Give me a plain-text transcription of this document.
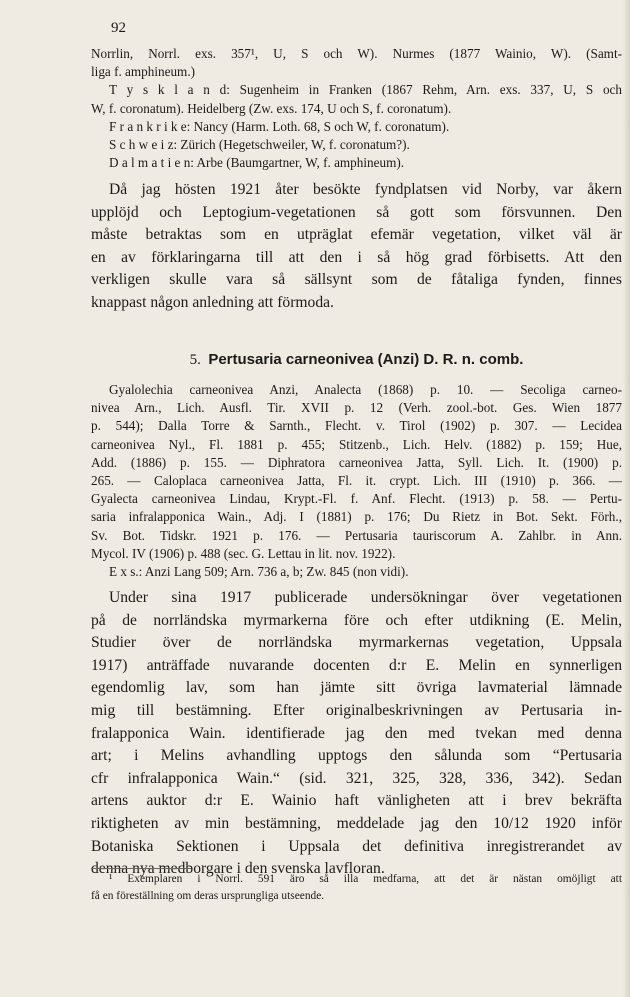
92
Norrlin, Norrl. exs. 357¹, U, S och W). Nurmes (1877 Wainio, W). (Samt-
liga f. amphineum.)
T y s k l a n d: Sugenheim in Franken (1867 Rehm, Arn. exs. 337, U, S och
W, f. coronatum). Heidelberg (Zw. exs. 174, U och S, f. coronatum).
F r a n k r i k e: Nancy (Harm. Loth. 68, S och W, f. coronatum).
S c h w e i z: Zürich (Hegetschweiler, W, f. coronatum?).
D a l m a t i e n: Arbe (Baumgartner, W, f. amphineum).
Då jag hösten 1921 åter besökte fyndplatsen vid Norby, var åkern
upplöjd och Leptogium-vegetationen så gott som försvunnen. Den
måste betraktas som en utpräglat efemär vegetation, vilket väl är
en av förklaringarna till att den i så hög grad förbisetts. Att den
verkligen skulle vara så sällsynt som de fåtaliga fynden, finnes
knappast någon anledning att förmoda.
5. Pertusaria carneonivea (Anzi) D. R. n. comb.
Gyalolechia carneonivea Anzi, Analecta (1868) p. 10. — Secoliga carneo-
nivea Arn., Lich. Ausfl. Tir. XVII p. 12 (Verh. zool.-bot. Ges. Wien 1877
p. 544); Dalla Torre & Sarnth., Flecht. v. Tirol (1902) p. 307. — Lecidea
carneonivea Nyl., Fl. 1881 p. 455; Stitzenb., Lich. Helv. (1882) p. 159; Hue,
Add. (1886) p. 155. — Diphratora carneonivea Jatta, Syll. Lich. It. (1900) p.
265. — Caloplaca carneonivea Jatta, Fl. it. crypt. Lich. III (1910) p. 366. —
Gyalecta carneonivea Lindau, Krypt.-Fl. f. Anf. Flecht. (1913) p. 58. — Pertu-
saria infralapponica Wain., Adj. I (1881) p. 176; Du Rietz in Bot. Sekt. Förh.,
Sv. Bot. Tidskr. 1921 p. 176. — Pertusaria tauriscorum A. Zahlbr. in Ann.
Mycol. IV (1906) p. 488 (sec. G. Lettau in lit. nov. 1922).
E x s.: Anzi Lang 509; Arn. 736 a, b; Zw. 845 (non vidi).
Under sina 1917 publicerade undersökningar över vegetationen
på de norrländska myrmarkerna före och efter utdikning (E. Melin,
Studier över de norrländska myrmarkernas vegetation, Uppsala
1917) anträffade nuvarande docenten d:r E. Melin en synnerligen
egendomlig lav, som han jämte sitt övriga lavmaterial lämnade
mig till bestämning. Efter originalbeskrivningen av Pertusaria in-
fralapponica Wain. identifierade jag den med tvekan med denna
art; i Melins avhandling upptogs den sålunda som “Pertusaria
cfr infralapponica Wain.“ (sid. 321, 325, 328, 336, 342). Sedan
artens auktor d:r E. Wainio haft vänligheten att i brev bekräfta
riktigheten av min bestämning, meddelade jag den 10/12 1920 inför
Botaniska Sektionen i Uppsala det definitiva inregistrerandet av
denna nya medborgare i den svenska lavfloran.
¹ Exemplaren i Norrl. 591 äro så illa medfarna, att det är nästan omöjligt att
få en föreställning om deras ursprungliga utseende.
